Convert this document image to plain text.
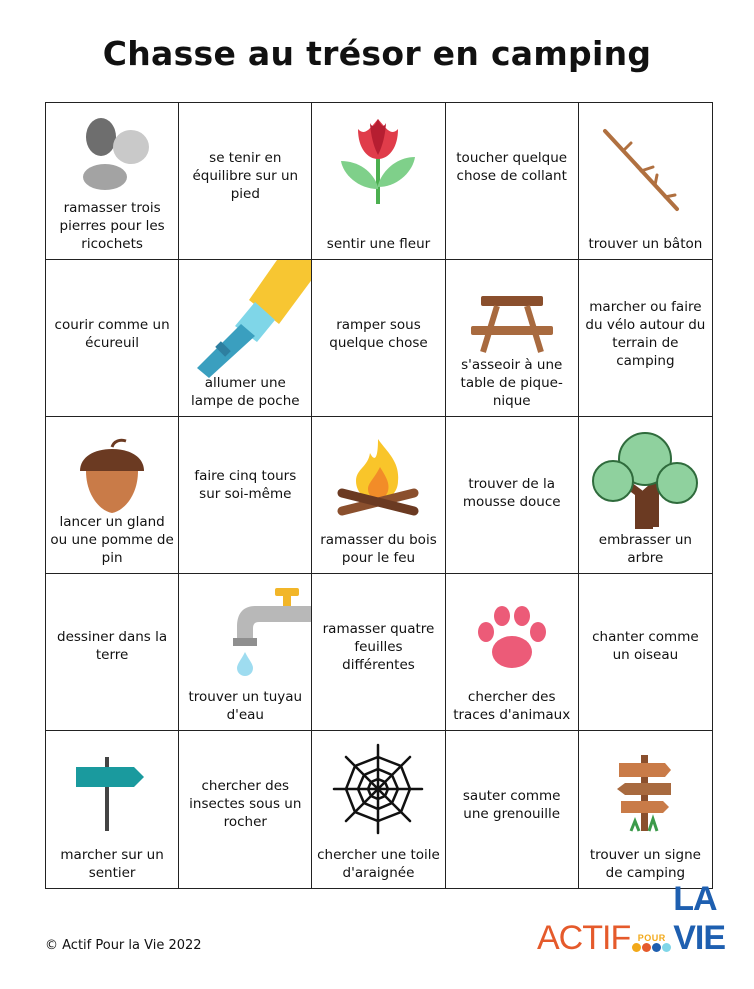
Chasse au trésor en camping
ramasser trois pierres pour les ricochets
se tenir en équilibre sur un pied
sentir une fleur
toucher quelque chose de collant
trouver un bâton
courir comme un écureuil
allumer une lampe de poche
ramper sous quelque chose
s'asseoir à une table de pique-nique
marcher ou faire du vélo autour du terrain de camping
lancer un gland ou une pomme de pin
faire cinq tours sur soi-même
ramasser du bois pour le feu
trouver de la mousse douce
embrasser un arbre
dessiner dans la terre
trouver un tuyau d'eau
ramasser quatre feuilles différentes
chercher des traces d'animaux
chanter comme un oiseau
marcher sur un sentier
chercher des insectes sous un rocher
chercher une toile d'araignée
sauter comme une grenouille
trouver un signe de camping
© Actif Pour la Vie 2022	ACTIF POUR
LA VIE
